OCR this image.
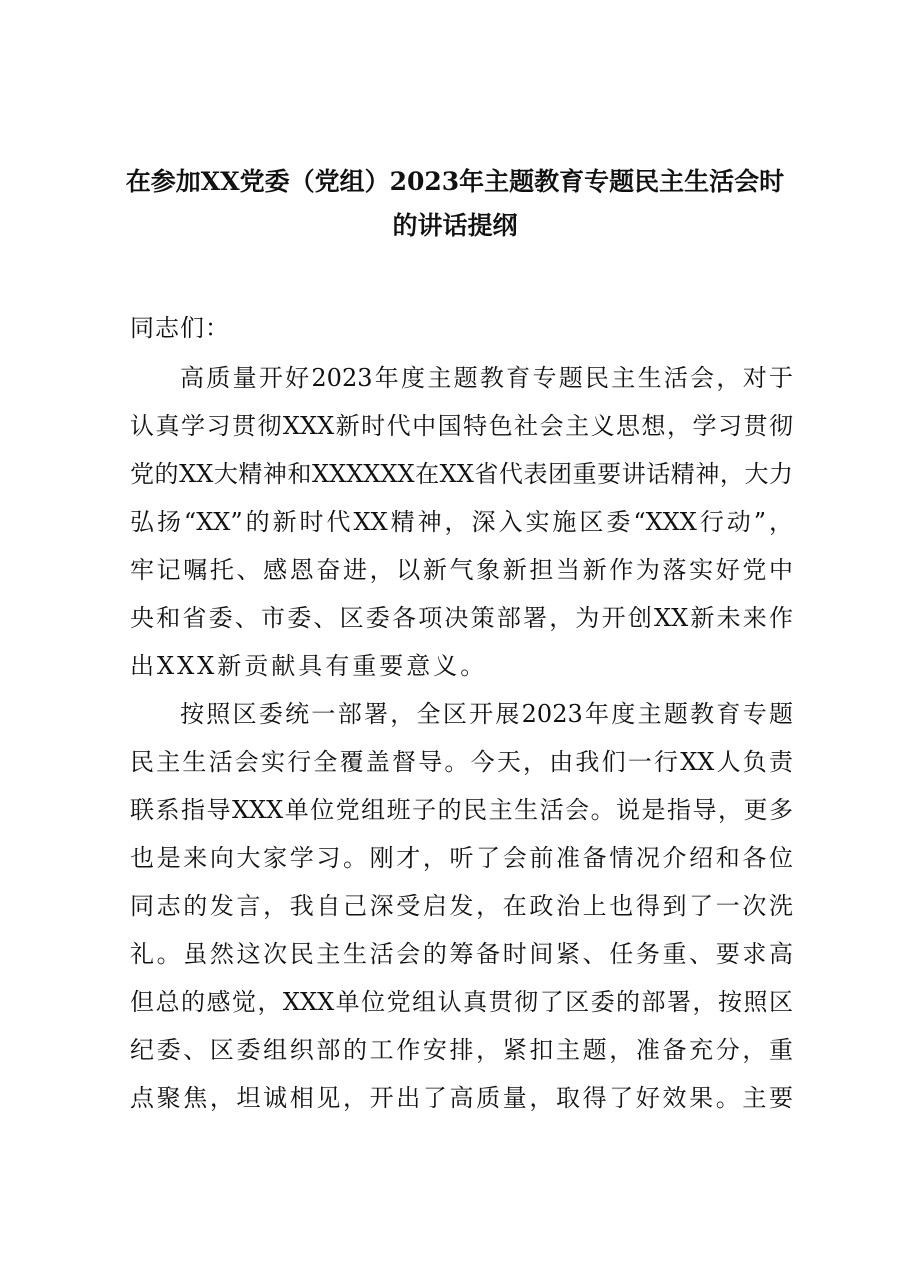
在参加XX党委（党组）2023年主题教育专题民主生活会时
的讲话提纲
同志们：
高质量开好2023年度主题教育专题民主生活会，对于
认真学习贯彻XXX新时代中国特色社会主义思想，学习贯彻
党的XX大精神和XXXXXX在XX省代表团重要讲话精神，大力
弘扬“XX”的新时代XX精神，深入实施区委“XXX行动”，
牢记嘱托、感恩奋进，以新气象新担当新作为落实好党中
央和省委、市委、区委各项决策部署，为开创XX新未来作
出XXX新贡献具有重要意义。
按照区委统一部署，全区开展2023年度主题教育专题
民主生活会实行全覆盖督导。今天，由我们一行XX人负责
联系指导XXX单位党组班子的民主生活会。说是指导，更多
也是来向大家学习。刚才，听了会前准备情况介绍和各位
同志的发言，我自己深受启发，在政治上也得到了一次洗
礼。虽然这次民主生活会的筹备时间紧、任务重、要求高
但总的感觉，XXX单位党组认真贯彻了区委的部署，按照区
纪委、区委组织部的工作安排，紧扣主题，准备充分，重
点聚焦，坦诚相见，开出了高质量，取得了好效果。主要
